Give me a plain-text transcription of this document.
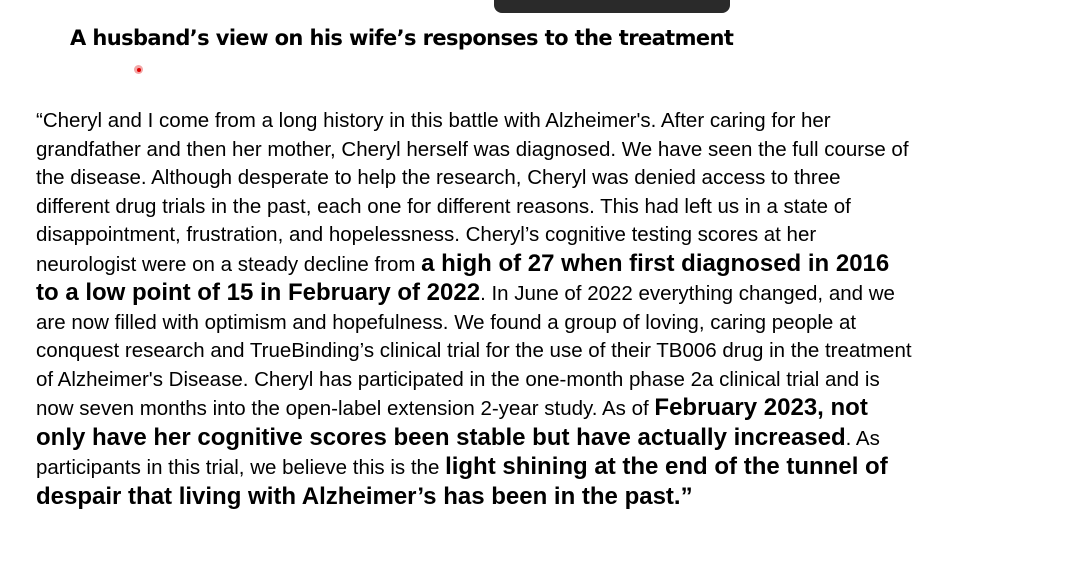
A husband’s view on his wife’s responses to the treatment
“Cheryl and I come from a long history in this battle with Alzheimer's. After caring for her
grandfather and then her mother, Cheryl herself was diagnosed. We have seen the full course of
the disease. Although desperate to help the research, Cheryl was denied access to three
different drug trials in the past, each one for different reasons. This had left us in a state of
disappointment, frustration, and hopelessness. Cheryl’s cognitive testing scores at her
neurologist were on a steady decline from a high of 27 when first diagnosed in 2016
to a low point of 15 in February of 2022. In June of 2022 everything changed, and we
are now filled with optimism and hopefulness. We found a group of loving, caring people at
conquest research and TrueBinding’s clinical trial for the use of their TB006 drug in the treatment
of Alzheimer's Disease. Cheryl has participated in the one-month phase 2a clinical trial and is
now seven months into the open-label extension 2-year study. As of February 2023, not
only have her cognitive scores been stable but have actually increased. As
participants in this trial, we believe this is the light shining at the end of the tunnel of
despair that living with Alzheimer’s has been in the past.”
